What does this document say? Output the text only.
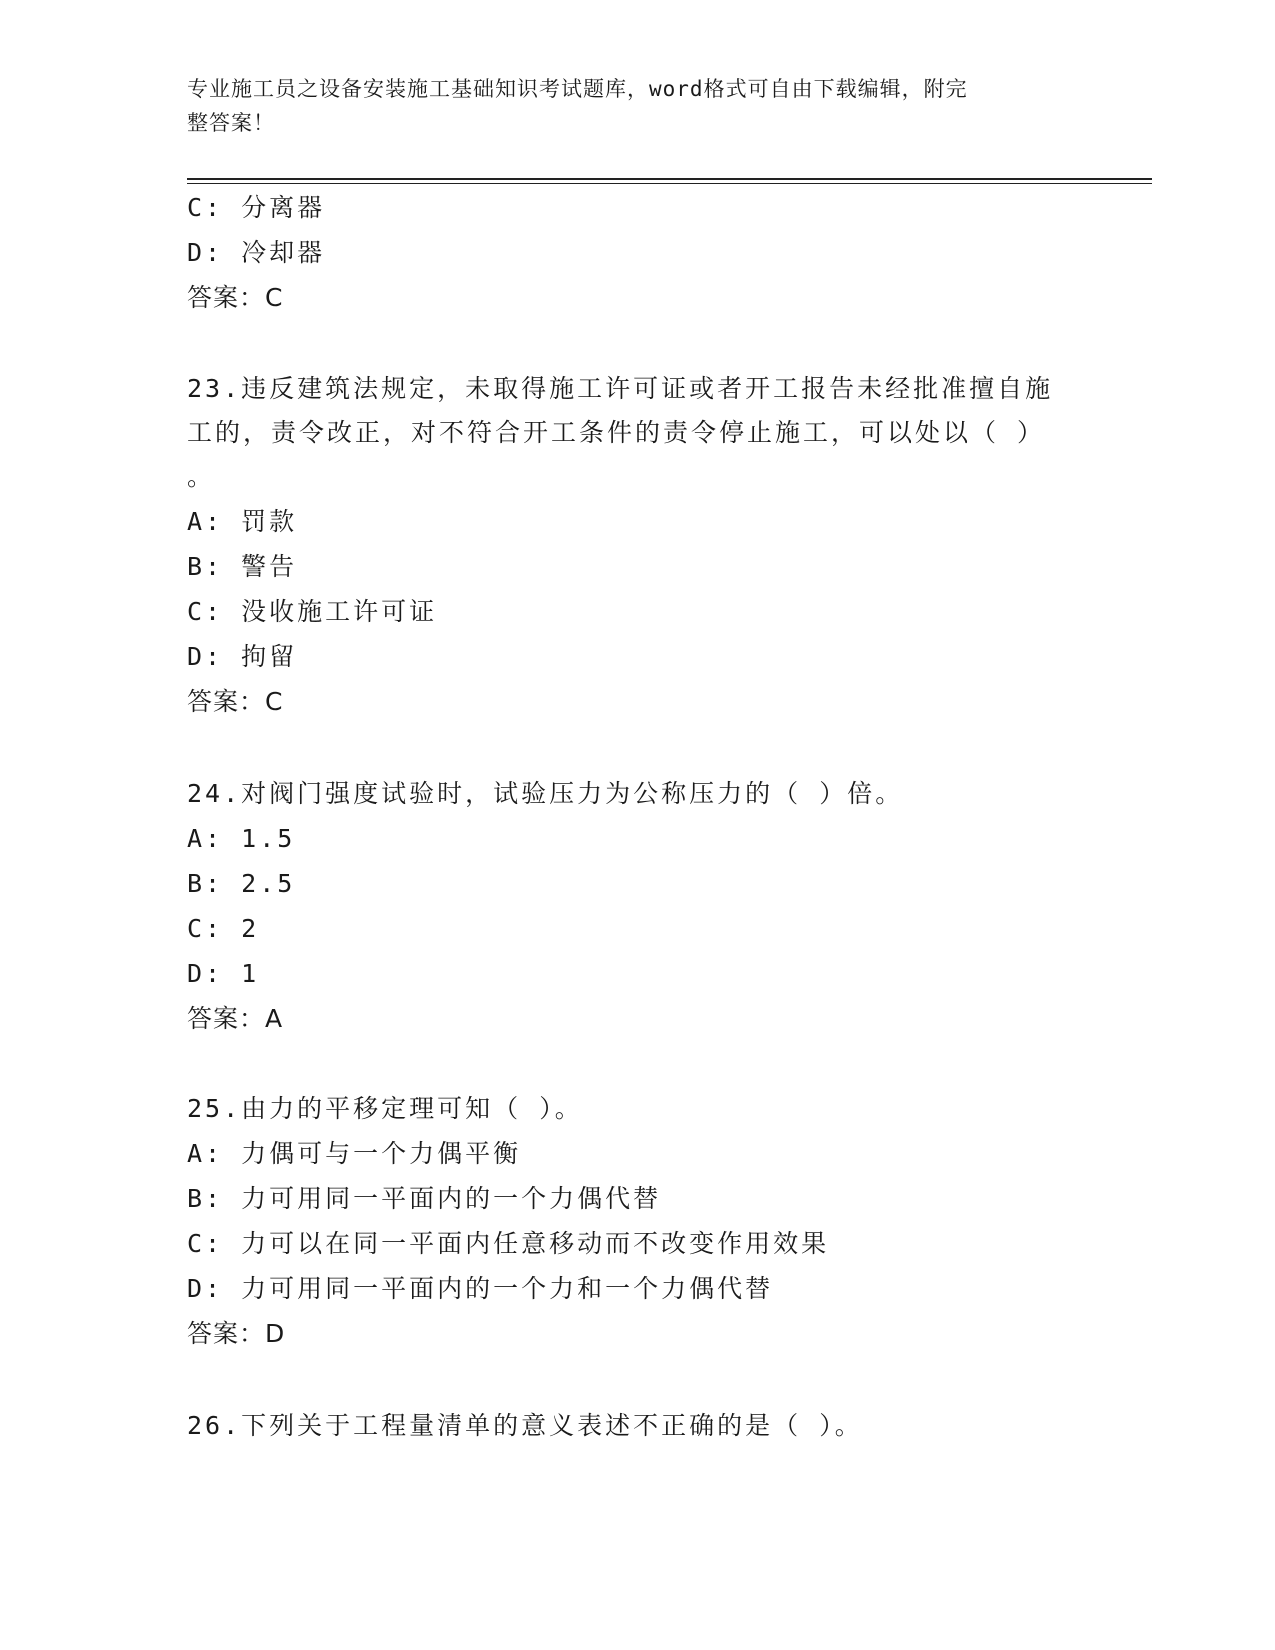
专业施工员之设备安装施工基础知识考试题库，word格式可自由下载编辑，附完
整答案！
C: 分离器
D: 冷却器
答案：C
23.违反建筑法规定，未取得施工许可证或者开工报告未经批准擅自施
工的，责令改正，对不符合开工条件的责令停止施工，可以处以（ ）
。
A: 罚款
B: 警告
C: 没收施工许可证
D: 拘留
答案：C
24.对阀门强度试验时，试验压力为公称压力的（ ）倍。
A: 1.5
B: 2.5
C: 2
D: 1
答案：A
25.由力的平移定理可知（ ）。
A: 力偶可与一个力偶平衡
B: 力可用同一平面内的一个力偶代替
C: 力可以在同一平面内任意移动而不改变作用效果
D: 力可用同一平面内的一个力和一个力偶代替
答案：D
26.下列关于工程量清单的意义表述不正确的是（ ）。
